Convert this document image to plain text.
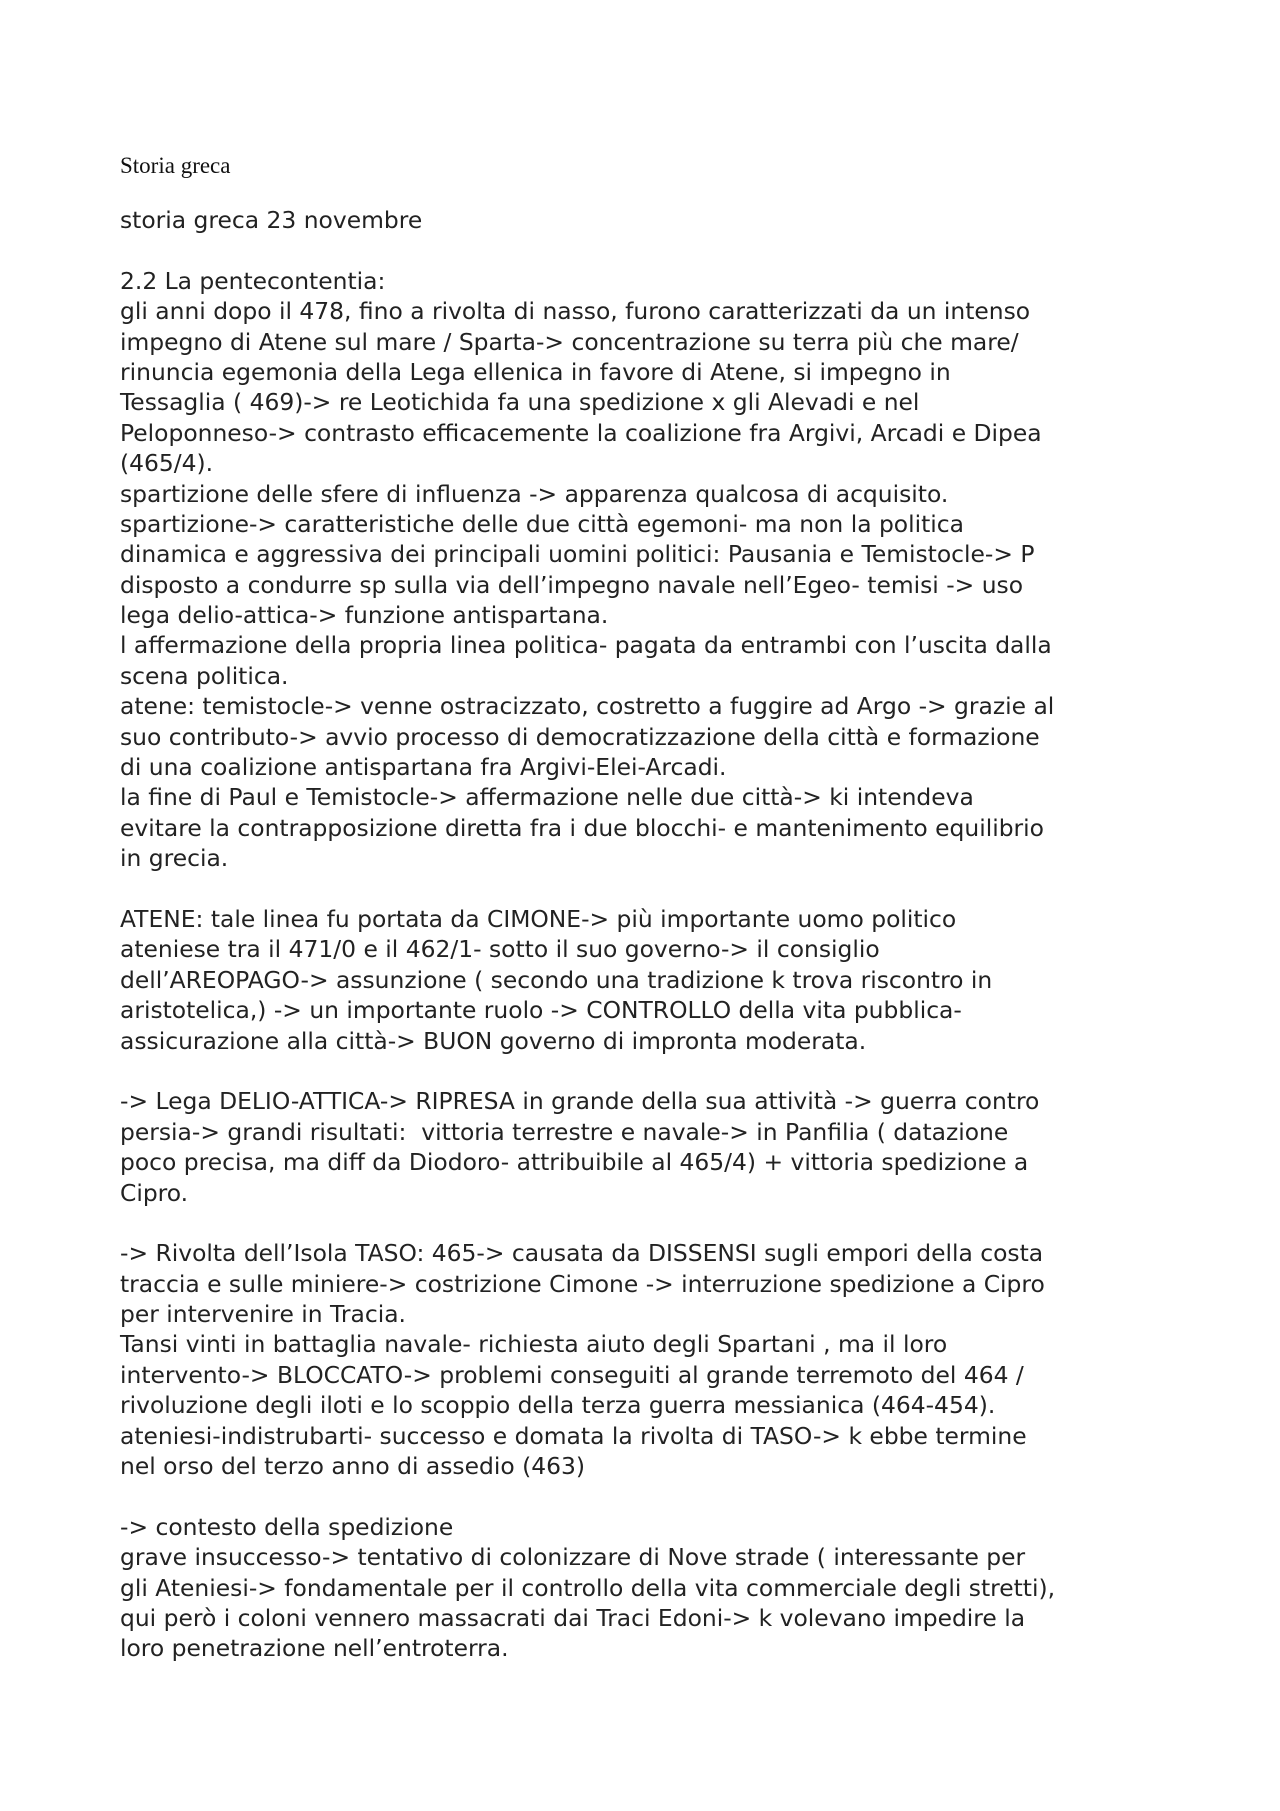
Storia greca
storia greca 23 novembre
2.2 La pentecontentia:
gli anni dopo il 478, fino a rivolta di nasso, furono caratterizzati da un intenso
impegno di Atene sul mare / Sparta-> concentrazione su terra più che mare/
rinuncia egemonia della Lega ellenica in favore di Atene, si impegno in
Tessaglia ( 469)-> re Leotichida fa una spedizione x gli Alevadi e nel
Peloponneso-> contrasto efficacemente la coalizione fra Argivi, Arcadi e Dipea
(465/4).
spartizione delle sfere di influenza -> apparenza qualcosa di acquisito.
spartizione-> caratteristiche delle due città egemoni- ma non la politica
dinamica e aggressiva dei principali uomini politici: Pausania e Temistocle-> P
disposto a condurre sp sulla via dell’impegno navale nell’Egeo- temisi -> uso
lega delio-attica-> funzione antispartana.
l affermazione della propria linea politica- pagata da entrambi con l’uscita dalla
scena politica.
atene: temistocle-> venne ostracizzato, costretto a fuggire ad Argo -> grazie al
suo contributo-> avvio processo di democratizzazione della città e formazione
di una coalizione antispartana fra Argivi-Elei-Arcadi.
la fine di Paul e Temistocle-> affermazione nelle due città-> ki intendeva
evitare la contrapposizione diretta fra i due blocchi- e mantenimento equilibrio
in grecia.
ATENE: tale linea fu portata da CIMONE-> più importante uomo politico
ateniese tra il 471/0 e il 462/1- sotto il suo governo-> il consiglio
dell’AREOPAGO-> assunzione ( secondo una tradizione k trova riscontro in
aristotelica,) -> un importante ruolo -> CONTROLLO della vita pubblica-
assicurazione alla città-> BUON governo di impronta moderata.
-> Lega DELIO-ATTICA-> RIPRESA in grande della sua attività -> guerra contro
persia-> grandi risultati:  vittoria terrestre e navale-> in Panfilia ( datazione
poco precisa, ma diff da Diodoro- attribuibile al 465/4) + vittoria spedizione a
Cipro.
-> Rivolta dell’Isola TASO: 465-> causata da DISSENSI sugli empori della costa
traccia e sulle miniere-> costrizione Cimone -> interruzione spedizione a Cipro
per intervenire in Tracia.
Tansi vinti in battaglia navale- richiesta aiuto degli Spartani , ma il loro
intervento-> BLOCCATO-> problemi conseguiti al grande terremoto del 464 /
rivoluzione degli iloti e lo scoppio della terza guerra messianica (464-454).
ateniesi-indistrubarti- successo e domata la rivolta di TASO-> k ebbe termine
nel orso del terzo anno di assedio (463)
-> contesto della spedizione
grave insuccesso-> tentativo di colonizzare di Nove strade ( interessante per
gli Ateniesi-> fondamentale per il controllo della vita commerciale degli stretti),
qui però i coloni vennero massacrati dai Traci Edoni-> k volevano impedire la
loro penetrazione nell’entroterra.
